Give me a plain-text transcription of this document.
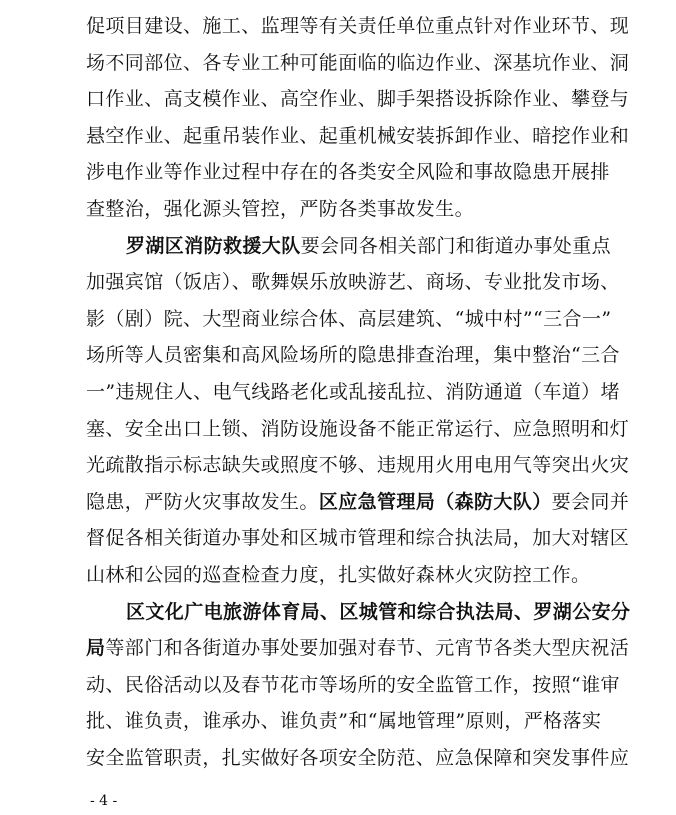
促项目建设、施工、监理等有关责任单位重点针对作业环节、现
场不同部位、各专业工种可能面临的临边作业、深基坑作业、洞
口作业、高支模作业、高空作业、脚手架搭设拆除作业、攀登与
悬空作业、起重吊装作业、起重机械安装拆卸作业、暗挖作业和
涉电作业等作业过程中存在的各类安全风险和事故隐患开展排
查整治，强化源头管控，严防各类事故发生。
罗湖区消防救援大队要会同各相关部门和街道办事处重点
加强宾馆（饭店）、歌舞娱乐放映游艺、商场、专业批发市场、
影（剧）院、大型商业综合体、高层建筑、“城中村”“三合一”
场所等人员密集和高风险场所的隐患排查治理，集中整治“三合
一”违规住人、电气线路老化或乱接乱拉、消防通道（车道）堵
塞、安全出口上锁、消防设施设备不能正常运行、应急照明和灯
光疏散指示标志缺失或照度不够、违规用火用电用气等突出火灾
隐患，严防火灾事故发生。区应急管理局（森防大队）要会同并
督促各相关街道办事处和区城市管理和综合执法局，加大对辖区
山林和公园的巡查检查力度，扎实做好森林火灾防控工作。
区文化广电旅游体育局、区城管和综合执法局、罗湖公安分
局等部门和各街道办事处要加强对春节、元宵节各类大型庆祝活
动、民俗活动以及春节花市等场所的安全监管工作，按照“谁审
批、谁负责，谁承办、谁负责”和“属地管理”原则，严格落实
安全监管职责，扎实做好各项安全防范、应急保障和突发事件应
- 4 -
